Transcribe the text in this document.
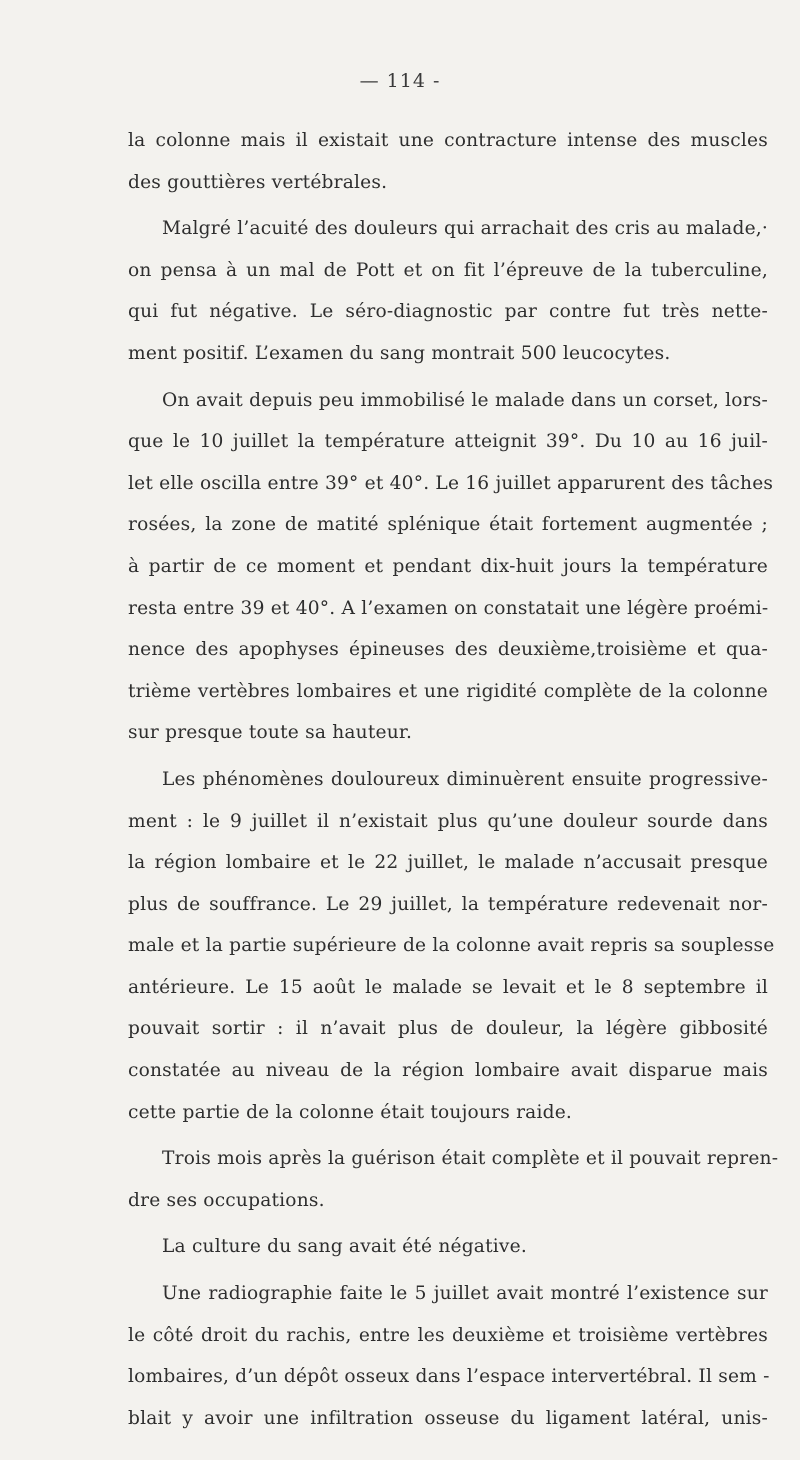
— 114 -
la colonne mais il existait une contracture intense des muscles
des gouttières vertébrales.
Malgré l’acuité des douleurs qui arrachait des cris au malade,·
on pensa à un mal de Pott et on fit l’épreuve de la tuberculine,
qui fut négative. Le séro-diagnostic par contre fut très nette-
ment positif. L’examen du sang montrait 500 leucocytes.
On avait depuis peu immobilisé le malade dans un corset, lors-
que le 10 juillet la température atteignit 39°. Du 10 au 16 juil-
let elle oscilla entre 39° et 40°. Le 16 juillet apparurent des tâches
rosées, la zone de matité splénique était fortement augmentée ;
à partir de ce moment et pendant dix-huit jours la température
resta entre 39 et 40°. A l’examen on constatait une légère proémi-
nence des apophyses épineuses des deuxième,troisième et qua-
trième vertèbres lombaires et une rigidité complète de la colonne
sur presque toute sa hauteur.
Les phénomènes douloureux diminuèrent ensuite progressive-
ment : le 9 juillet il n’existait plus qu’une douleur sourde dans
la région lombaire et le 22 juillet, le malade n’accusait presque
plus de souffrance. Le 29 juillet, la température redevenait nor-
male et la partie supérieure de la colonne avait repris sa souplesse
antérieure. Le 15 août le malade se levait et le 8 septembre il
pouvait sortir : il n’avait plus de douleur, la légère gibbosité
constatée au niveau de la région lombaire avait disparue mais
cette partie de la colonne était toujours raide.
Trois mois après la guérison était complète et il pouvait repren-
dre ses occupations.
La culture du sang avait été négative.
Une radiographie faite le 5 juillet avait montré l’existence sur
le côté droit du rachis, entre les deuxième et troisième vertèbres
lombaires, d’un dépôt osseux dans l’espace intervertébral. Il sem -
blait y avoir une infiltration osseuse du ligament latéral, unis-
